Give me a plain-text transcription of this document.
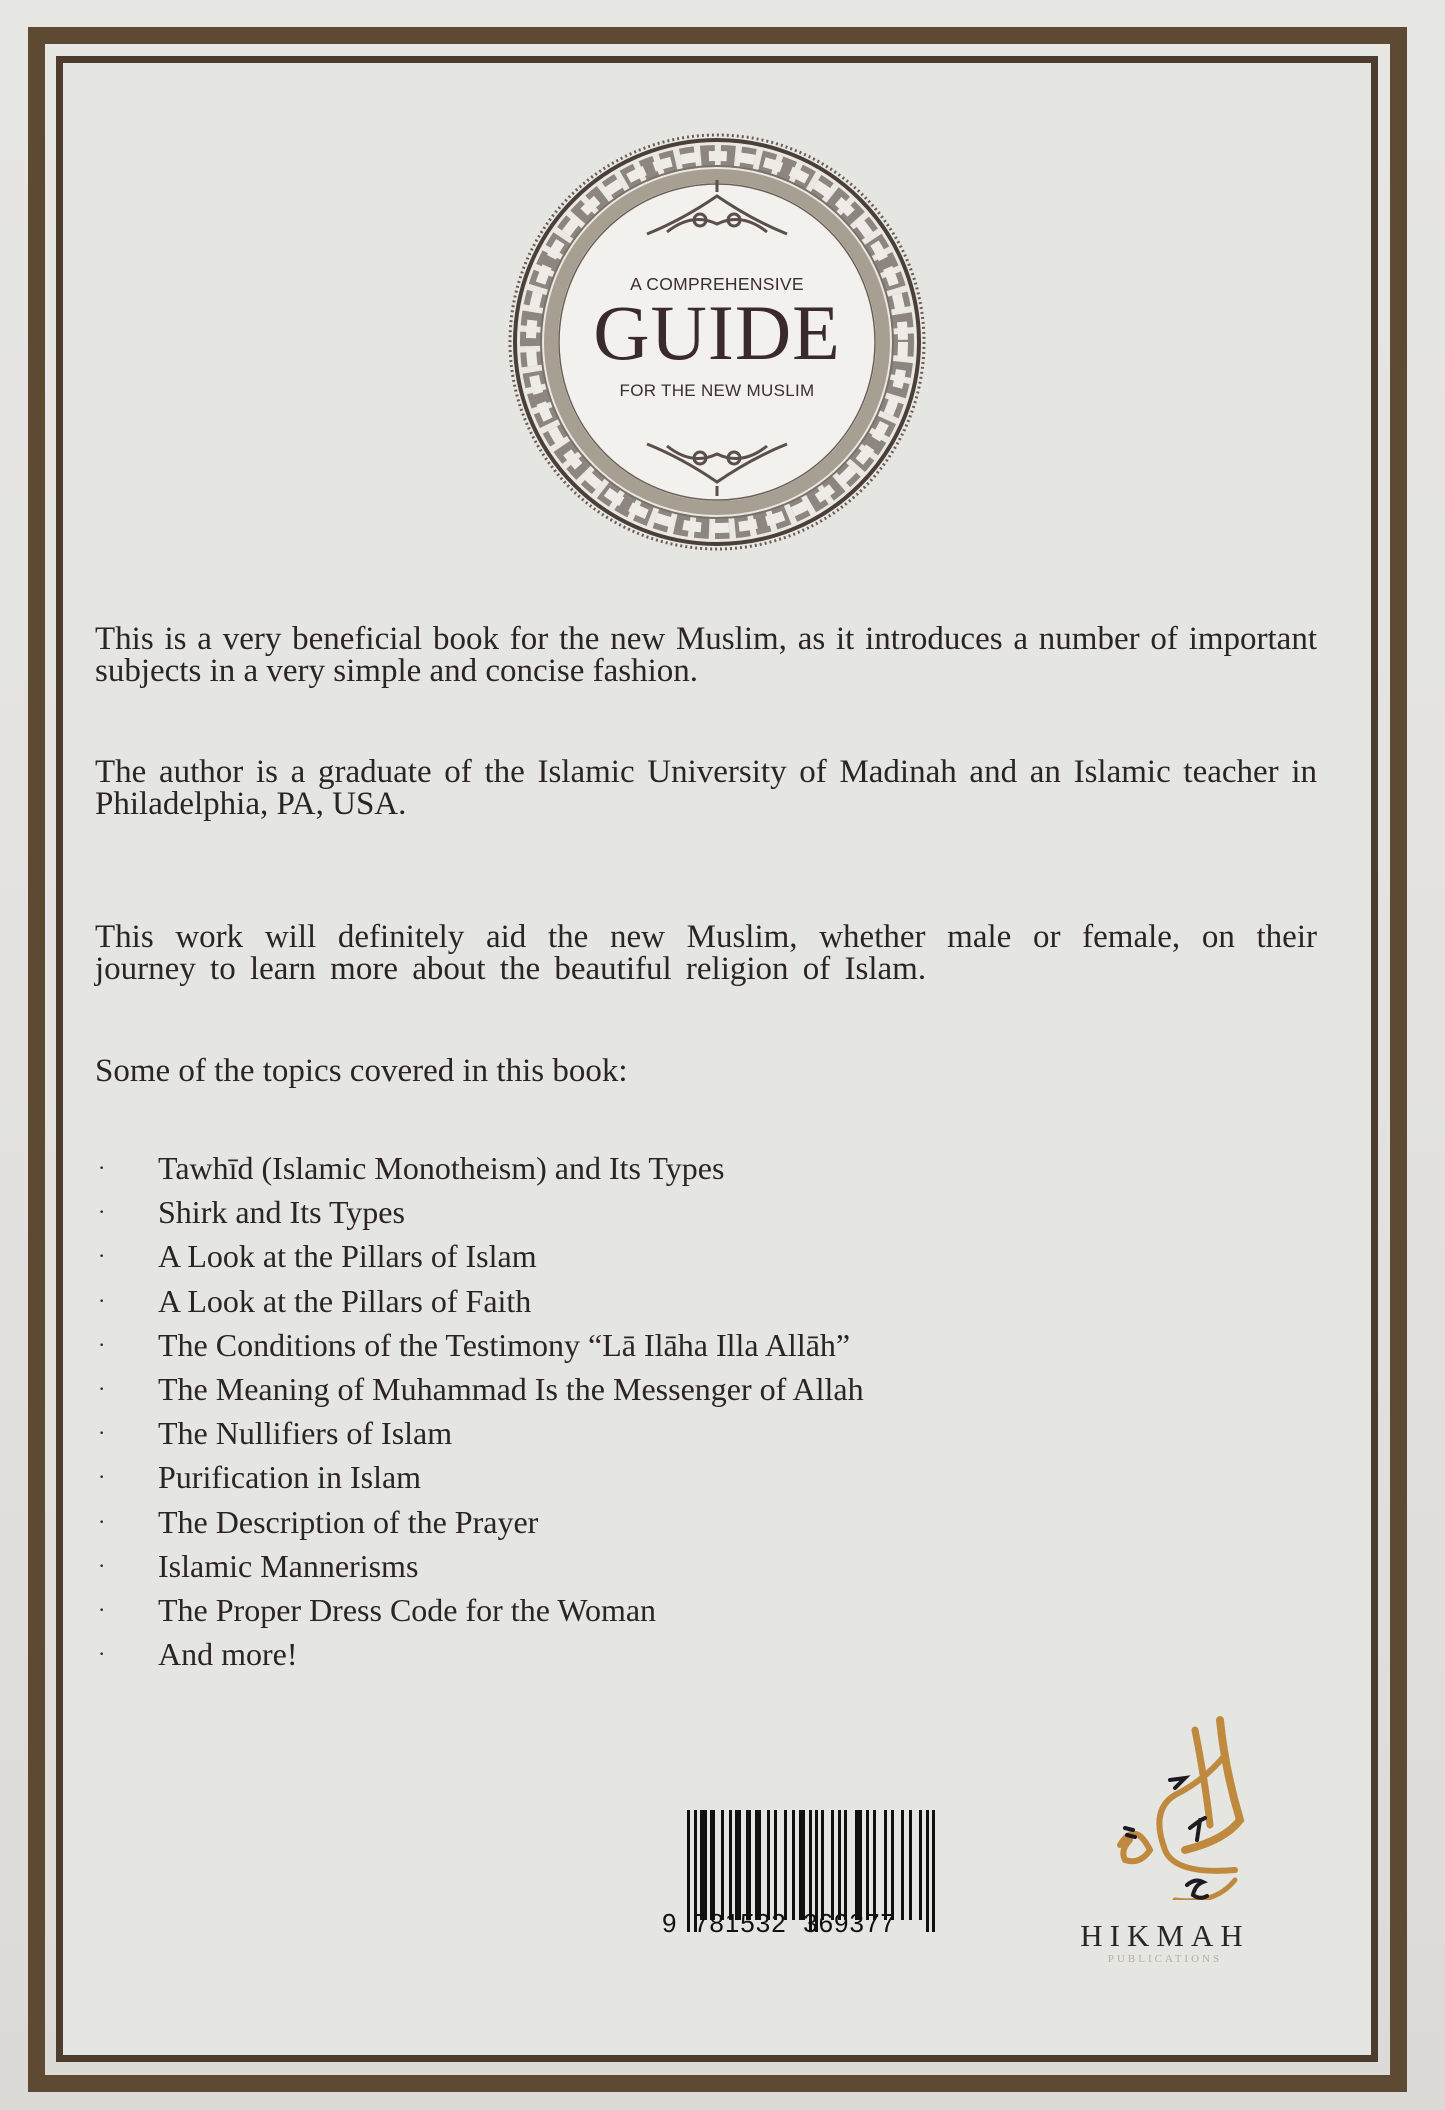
A COMPREHENSIVE
GUIDE
FOR THE NEW MUSLIM
This is a very beneficial book for the new Muslim, as it introduces a number of important subjects in a very simple and concise fashion.
The author is a graduate of the Islamic University of Madinah and an Islamic teacher in Philadelphia, PA, USA.
This work will definitely aid the new Muslim, whether male or female, on their journey to learn more about the beautiful religion of Islam.
Some of the topics covered in this book:
· Tawhīd (Islamic Monotheism) and Its Types
· Shirk and Its Types
· A Look at the Pillars of Islam
· A Look at the Pillars of Faith
· The Conditions of the Testimony “Lā Ilāha Illa Allāh”
· The Meaning of Muhammad Is the Messenger of Allah
· The Nullifiers of Islam
· Purification in Islam
· The Description of the Prayer
· Islamic Mannerisms
· The Proper Dress Code for the Woman
· And more!
9  781532  369377	HIKMAH
PUBLICATIONS
